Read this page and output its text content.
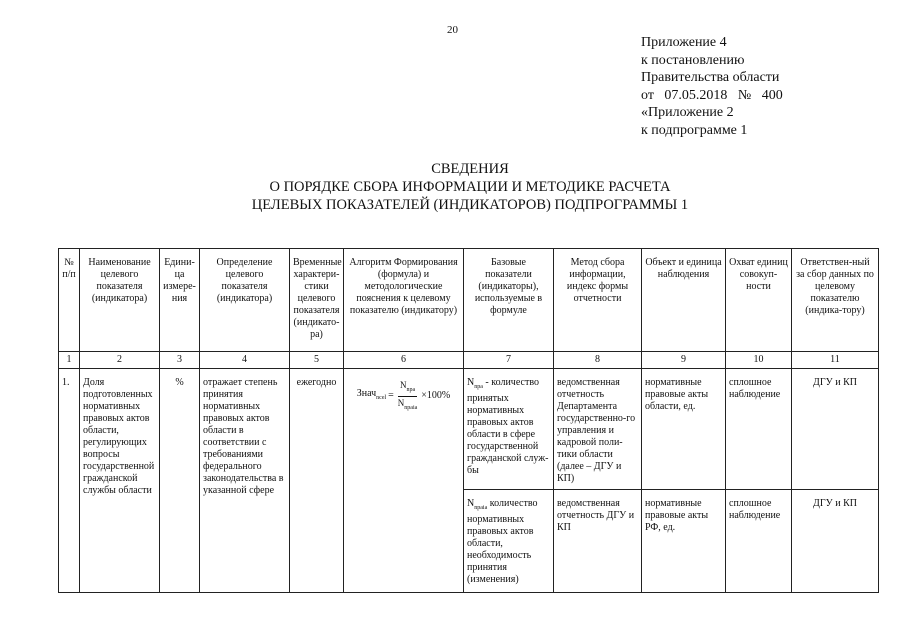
20
Приложение 4
к постановлению
Правительства области
от   07.05.2018   №   400
«Приложение 2
к подпрограмме 1
СВЕДЕНИЯ
О ПОРЯДКЕ СБОРА ИНФОРМАЦИИ И МЕТОДИКЕ РАСЧЕТА
ЦЕЛЕВЫХ ПОКАЗАТЕЛЕЙ (ИНДИКАТОРОВ) ПОДПРОГРАММЫ 1
№ п/п	Наименование целевого показателя (индикатора)	Едини-ца измере-ния	Определение целевого показателя (индикатора)	Временные характери-стики целевого показателя (индикато-ра)	Алгоритм Формирования (формула) и методологические пояснения к целевому показателю (индикатору)	Базовые показатели (индикаторы), используемые в формуле	Метод сбора информации, индекс формы отчетности	Объект и единица наблюдения	Охват единиц совокуп-ности	Ответствен-ный за сбор данных по целевому показателю (индика-тору)
1	2	3	4	5	6	7	8	9	10	11
1.	Доля подготовленных нормативных правовых актов области, регулирующих вопросы государственной гражданской службы области	%	отражает степень принятия нормативных правовых актов области в соответствии с требованиями федерального законодательства в указанной сфере	ежегодно	Знач$_{ncel}$ = $\frac{N_{npa}}{N_{npaia}} \times 100\%$	$N_{npa}$ - количество принятых нормативных правовых актов области в сфере государственной гражданской служ-бы	ведомственная отчетность Департамента государственно-го управления и кадровой поли-тики области (далее – ДГУ и КП)	нормативные правовые акты области, ед.	сплошное наблюдение	ДГУ и КП
						$N_{npaia}$ количество нормативных правовых актов области, необходимость принятия (изменения)	ведомственная отчетность ДГУ и КП	нормативные правовые акты РФ, ед.	сплошное наблюдение	ДГУ и КП
